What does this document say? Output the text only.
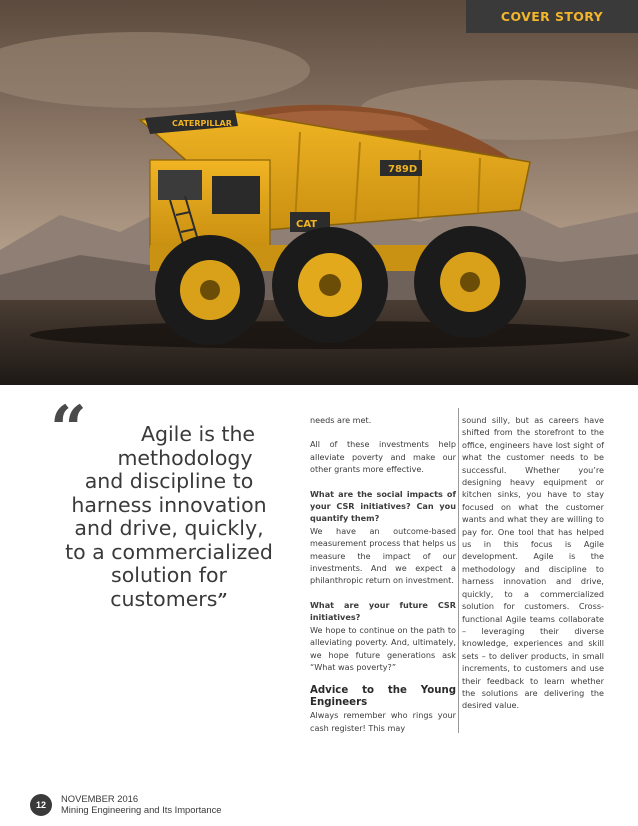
CATERPILLAR
789D
CAT
COVER STORY
“	Agile is the
methodology
and discipline to
harness innovation
and drive, quickly,
to a commercialized
solution for
customers”

needs are met.

All of these investments help alleviate poverty and make our other grants more effective.

What are the social impacts of your CSR initiatives? Can you quantify them?

We have an outcome-based measurement process that helps us measure the impact of our investments. And we expect a philanthropic return on investment.

What are your future CSR initiatives?

We hope to continue on the path to alleviating poverty. And, ultimately, we hope future generations ask “What was poverty?”

Advice to the Young Engineers

Always remember who rings your cash register! This may

sound silly, but as careers have shifted from the storefront to the office, engineers have lost sight of what the customer needs to be successful. Whether you’re designing heavy equipment or kitchen sinks, you have to stay focused on what the customer wants and what they are willing to pay for. One tool that has helped us in this focus is Agile development. Agile is the methodology and discipline to harness innovation and drive, quickly, to a commercialized solution for customers. Cross-functional Agile teams collaborate – leveraging their diverse knowledge, experiences and skill sets – to deliver products, in small increments, to customers and use their feedback to learn whether the solutions are delivering the desired value.

12
NOVEMBER 2016
Mining Engineering and Its Importance
